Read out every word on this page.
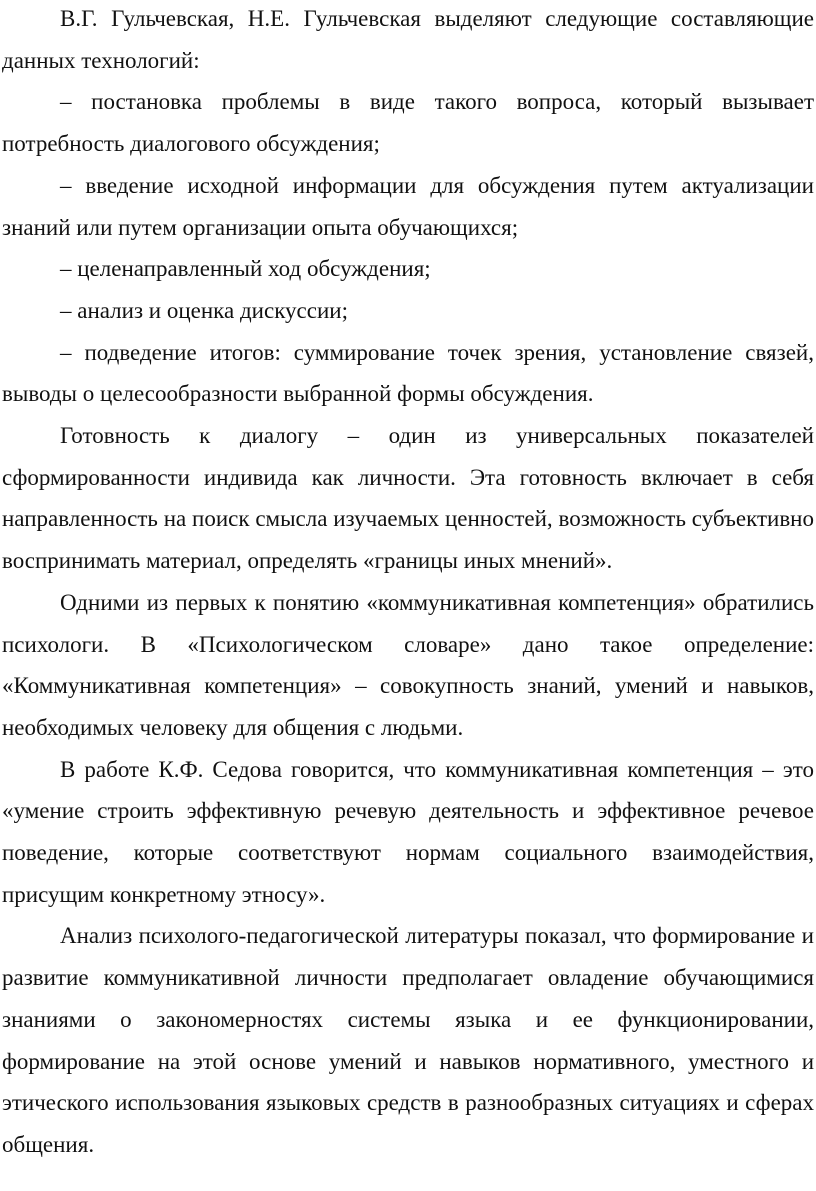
В.Г. Гульчевская, Н.Е. Гульчевская выделяют следующие составляющие данных технологий:

– постановка проблемы в виде такого вопроса, который вызывает потребность диалогового обсуждения;

– введение исходной информации для обсуждения путем актуализации знаний или путем организации опыта обучающихся;

– целенаправленный ход обсуждения;

– анализ и оценка дискуссии;

– подведение итогов: суммирование точек зрения, установление связей, выводы о целесообразности выбранной формы обсуждения.

Готовность к диалогу – один из универсальных показателей сформированности индивида как личности. Эта готовность включает в себя направленность на поиск смысла изучаемых ценностей, возможность субъективно воспринимать материал, определять «границы иных мнений».

Одними из первых к понятию «коммуникативная компетенция» обратились психологи. В «Психологическом словаре» дано такое определение: «Коммуникативная компетенция» – совокупность знаний, умений и навыков, необходимых человеку для общения с людьми.

В работе К.Ф. Седова говорится, что коммуникативная компетенция – это «умение строить эффективную речевую деятельность и эффективное речевое поведение, которые соответствуют нормам социального взаимодействия, присущим конкретному этносу».

Анализ психолого-педагогической литературы показал, что формирование и развитие коммуникативной личности предполагает овладение обучающимися знаниями о закономерностях системы языка и ее функционировании, формирование на этой основе умений и навыков нормативного, уместного и этического использования языковых средств в разнообразных ситуациях и сферах общения.
